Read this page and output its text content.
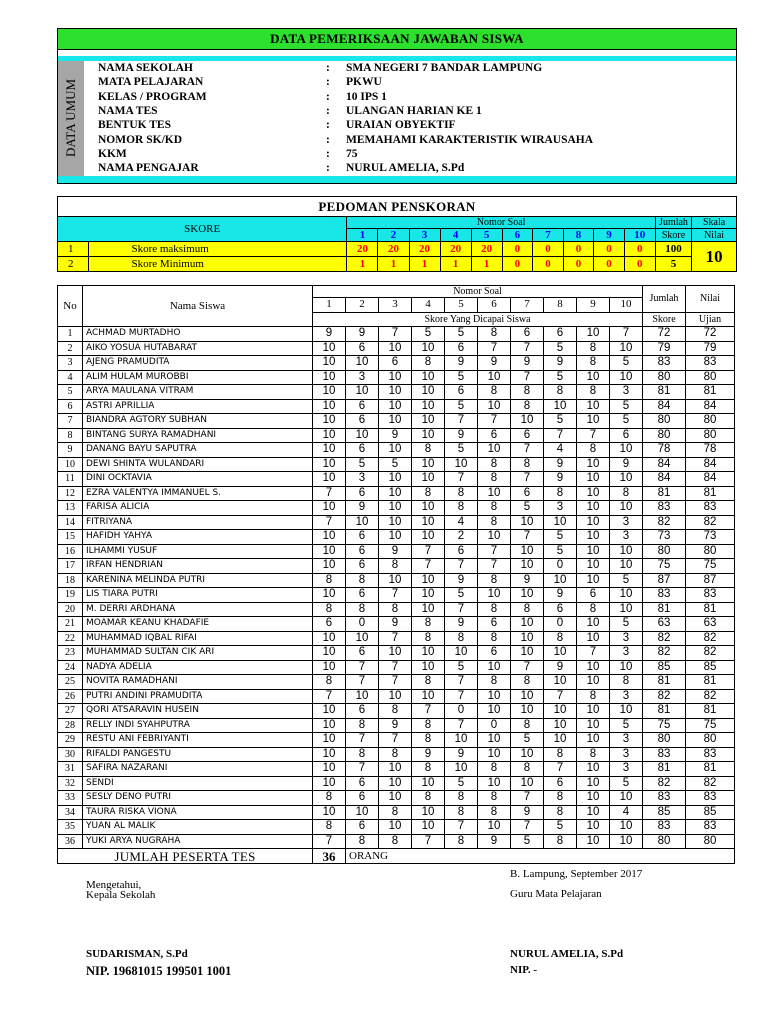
DATA PEMERIKSAAN JAWABAN SISWA
DATA UMUM
NAMA SEKOLAH	: SMA NEGERI 7 BANDAR LAMPUNG
MATA PELAJARAN	: PKWU
KELAS / PROGRAM	: 10 IPS 1
NAMA TES	: ULANGAN HARIAN KE 1
BENTUK TES	: URAIAN OBYEKTIF
NOMOR SK/KD	: MEMAHAMI KARAKTERISTIK WIRAUSAHA
KKM	: 75
NAMA PENGAJAR	: NURUL AMELIA, S.Pd
PEDOMAN PENSKORAN													
SKORE		Nomor Soal										Jumlah	Skala
		1	2	3	4	5	6	7	8	9	10	Skore	Nilai
1	Skore maksimum	20	20	20	20	20	0	0	0	0	0	100	10
2	Skore Minimum	1	1	1	1	1	0	0	0	0	0	5	
No	Nama Siswa	Nomor Soal										Jumlah	Nilai
		1	2	3	4	5	6	7	8	9	10		
		Skore Yang Dicapai Siswa										Skore	Ujian
1	ACHMAD MURTADHO	9	9	7	5	5	8	6	6	10	7	72	72
2	AIKO YOSUA HUTABARAT	10	6	10	10	6	7	7	5	8	10	79	79
3	AJENG PRAMUDITA	10	10	6	8	9	9	9	9	8	5	83	83
4	ALIM HULAM MUROBBI	10	3	10	10	5	10	7	5	10	10	80	80
5	ARYA MAULANA VITRAM	10	10	10	10	6	8	8	8	8	3	81	81
6	ASTRI APRILLIA	10	6	10	10	5	10	8	10	10	5	84	84
7	BIANDRA AGTORY SUBHAN	10	6	10	10	7	7	10	5	10	5	80	80
8	BINTANG SURYA RAMADHANI	10	10	9	10	9	6	6	7	7	6	80	80
9	DANANG BAYU SAPUTRA	10	6	10	8	5	10	7	4	8	10	78	78
10	DEWI SHINTA WULANDARI	10	5	5	10	10	8	8	9	10	9	84	84
11	DINI OCKTAVIA	10	3	10	10	7	8	7	9	10	10	84	84
12	EZRA VALENTYA IMMANUEL S.	7	6	10	8	8	10	6	8	10	8	81	81
13	FARISA ALICIA	10	9	10	10	8	8	5	3	10	10	83	83
14	FITRIYANA	7	10	10	10	4	8	10	10	10	3	82	82
15	HAFIDH YAHYA	10	6	10	10	2	10	7	5	10	3	73	73
16	ILHAMMI YUSUF	10	6	9	7	6	7	10	5	10	10	80	80
17	IRFAN HENDRIAN	10	6	8	7	7	7	10	0	10	10	75	75
18	KARENINA MELINDA PUTRI	8	8	10	10	9	8	9	10	10	5	87	87
19	LIS TIARA PUTRI	10	6	7	10	5	10	10	9	6	10	83	83
20	M. DERRI ARDHANA	8	8	8	10	7	8	8	6	8	10	81	81
21	MOAMAR KEANU KHADAFIE	6	0	9	8	9	6	10	0	10	5	63	63
22	MUHAMMAD IQBAL RIFAI	10	10	7	8	8	8	10	8	10	3	82	82
23	MUHAMMAD SULTAN CIK ARI	10	6	10	10	10	6	10	10	7	3	82	82
24	NADYA ADELIA	10	7	7	10	5	10	7	9	10	10	85	85
25	NOVITA RAMADHANI	8	7	7	8	7	8	8	10	10	8	81	81
26	PUTRI ANDINI PRAMUDITA	7	10	10	10	7	10	10	7	8	3	82	82
27	QORI ATSARAVIN HUSEIN	10	6	8	7	0	10	10	10	10	10	81	81
28	RELLY INDI SYAHPUTRA	10	8	9	8	7	0	8	10	10	5	75	75
29	RESTU ANI FEBRIYANTI	10	7	7	8	10	10	5	10	10	3	80	80
30	RIFALDI PANGESTU	10	8	8	9	9	10	10	8	8	3	83	83
31	SAFIRA NAZARANI	10	7	10	8	10	8	8	7	10	3	81	81
32	SENDI	10	6	10	10	5	10	10	6	10	5	82	82
33	SESLY DENO PUTRI	8	6	10	8	8	8	7	8	10	10	83	83
34	TAURA RISKA VIONA	10	10	8	10	8	8	9	8	10	4	85	85
35	YUAN AL MALIK	8	6	10	10	7	10	7	5	10	10	83	83
36	YUKI ARYA NUGRAHA	7	8	8	7	8	9	5	8	10	10	80	80
JUMLAH PESERTA TES		36	ORANG										
B. Lampung, September 2017
Mengetahui,
Kepala Sekolah	Guru Mata Pelajaran
SUDARISMAN, S.Pd
NIP. 19681015 199501 1001
NURUL AMELIA, S.Pd
NIP. -
